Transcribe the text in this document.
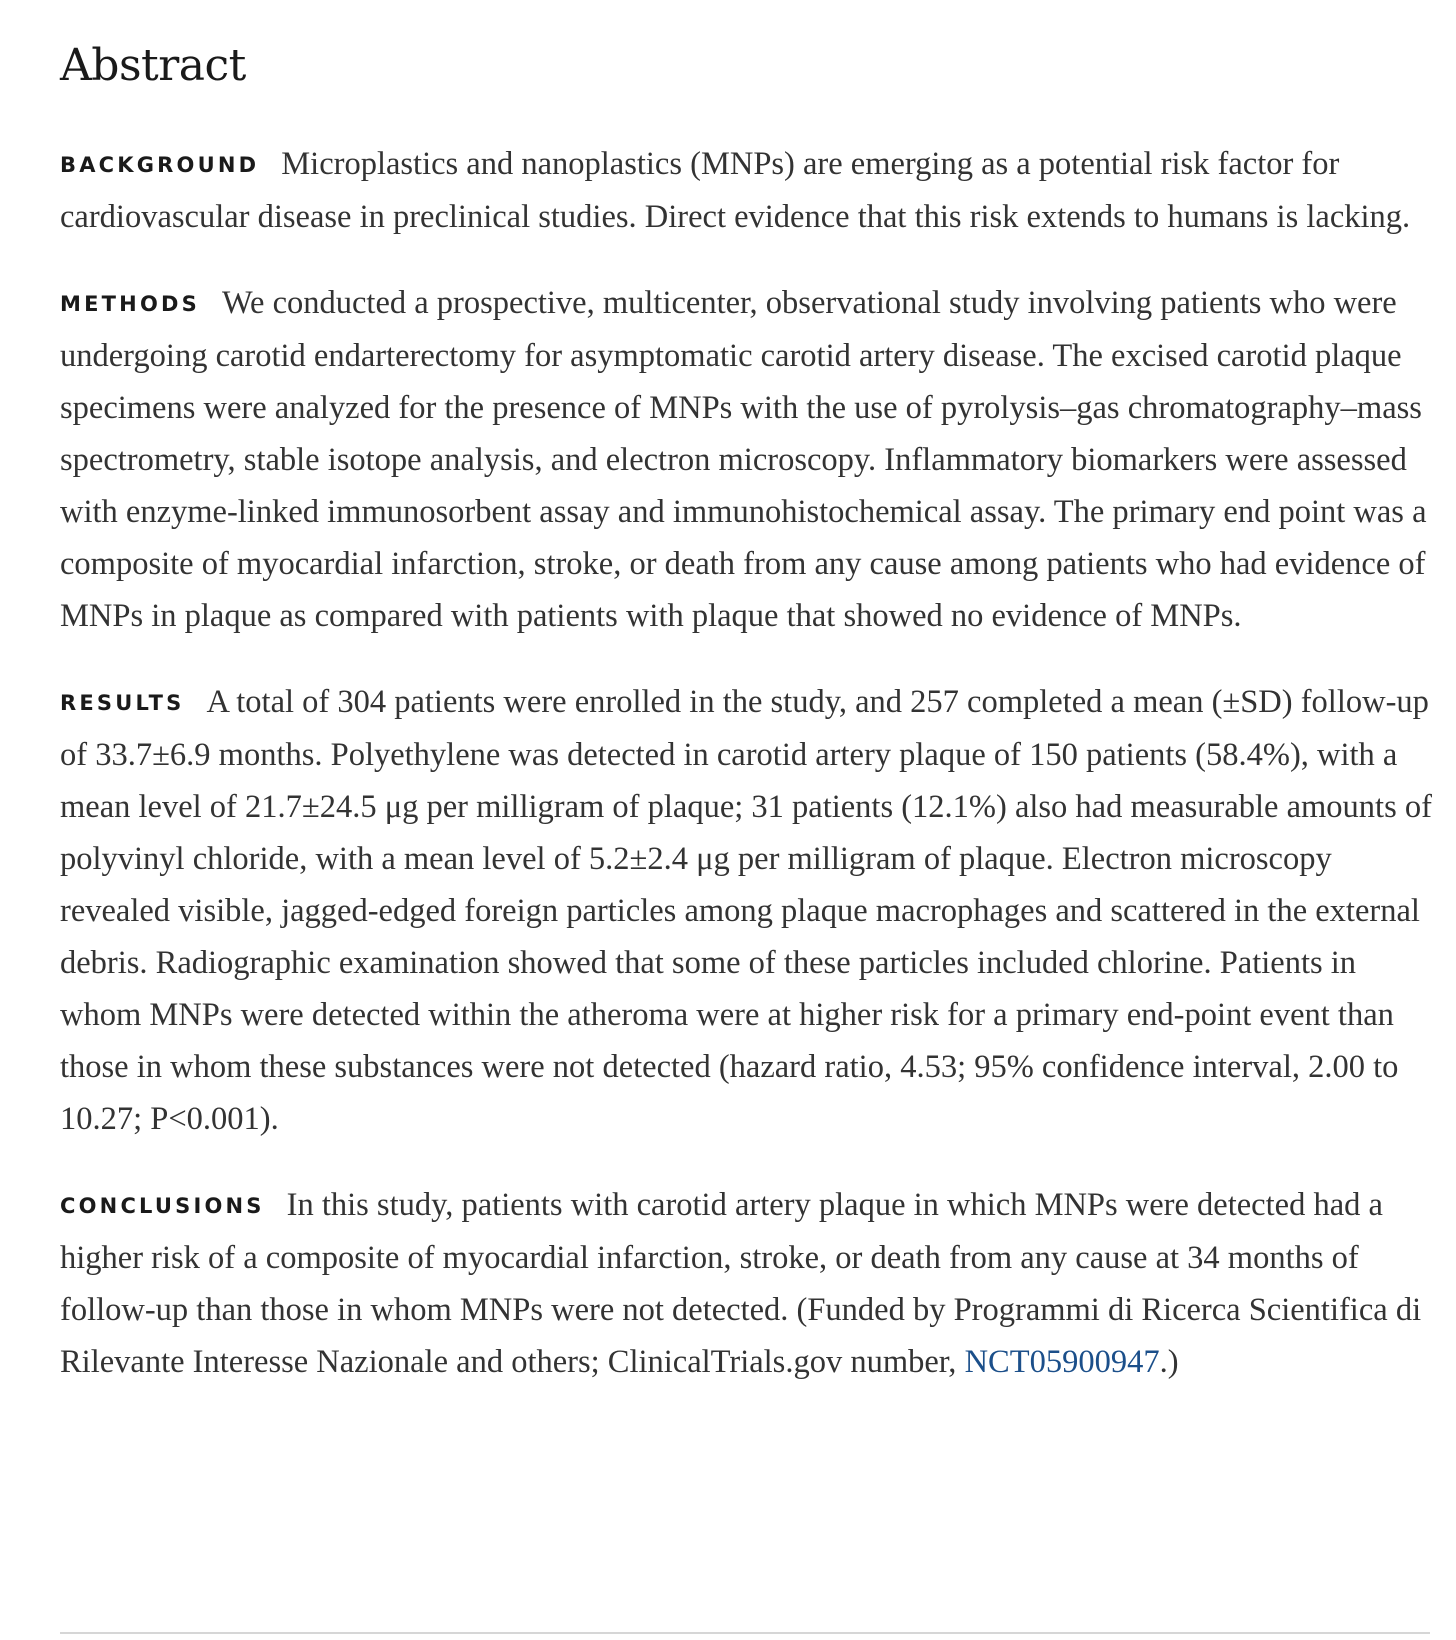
Abstract

BACKGROUND Microplastics and nanoplastics (MNPs) are emerging as a potential risk factor for cardiovascular disease in preclinical studies. Direct evidence that this risk extends to humans is lacking.

METHODS We conducted a prospective, multicenter, observational study involving patients who were undergoing carotid endarterectomy for asymptomatic carotid artery disease. The excised carotid plaque specimens were analyzed for the presence of MNPs with the use of pyrolysis–gas chromatography–mass spectrometry, stable isotope analysis, and electron microscopy. Inflammatory biomarkers were assessed with enzyme-linked immunosorbent assay and immunohistochemical assay. The primary end point was a composite of myocardial infarction, stroke, or death from any cause among patients who had evidence of MNPs in plaque as compared with patients with plaque that showed no evidence of MNPs.

RESULTS A total of 304 patients were enrolled in the study, and 257 completed a mean (±SD) follow-up of 33.7±6.9 months. Polyethylene was detected in carotid artery plaque of 150 patients (58.4%), with a mean level of 21.7±24.5 μg per milligram of plaque; 31 patients (12.1%) also had measurable amounts of polyvinyl chloride, with a mean level of 5.2±2.4 μg per milligram of plaque. Electron microscopy revealed visible, jagged-edged foreign particles among plaque macrophages and scattered in the external debris. Radiographic examination showed that some of these particles included chlorine. Patients in whom MNPs were detected within the atheroma were at higher risk for a primary end-point event than those in whom these substances were not detected (hazard ratio, 4.53; 95% confidence interval, 2.00 to 10.27; P<0.001).

CONCLUSIONS In this study, patients with carotid artery plaque in which MNPs were detected had a higher risk of a composite of myocardial infarction, stroke, or death from any cause at 34 months of follow-up than those in whom MNPs were not detected. (Funded by Programmi di Ricerca Scientifica di Rilevante Interesse Nazionale and others; ClinicalTrials.gov number, NCT05900947.)
